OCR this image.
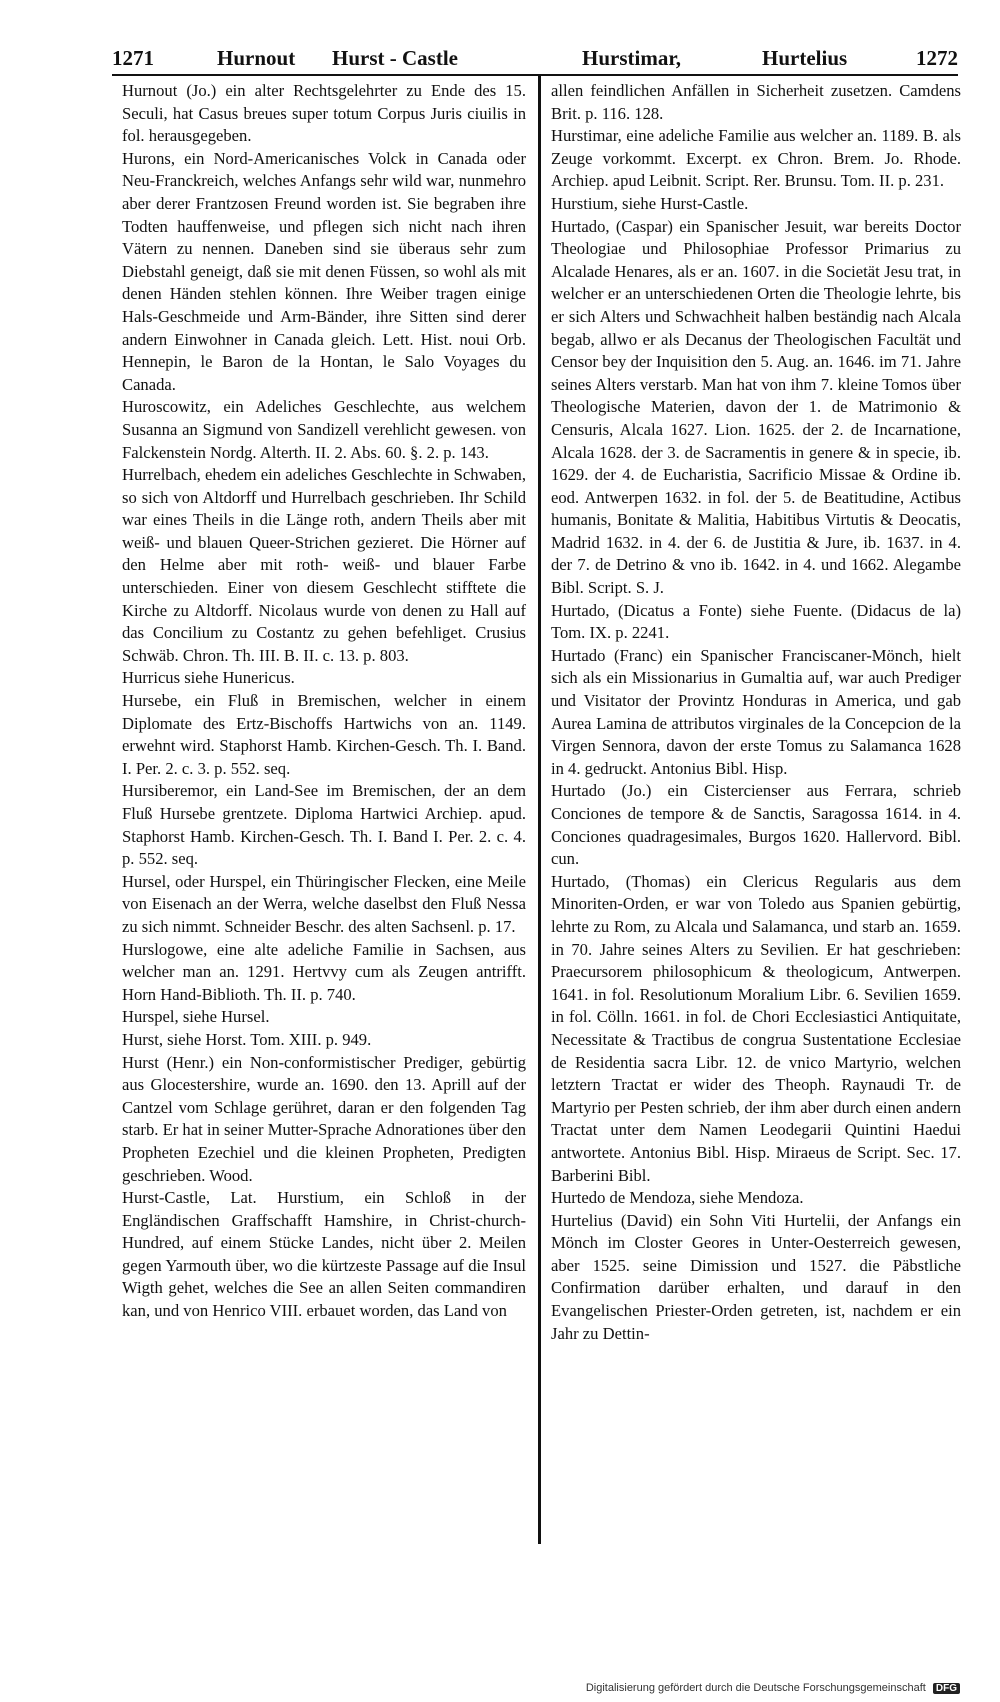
1271	Hurnout Hurst - Castle	Hurstimar,	Hurtelius	1272

Hurnout (Jo.) ein alter Rechtsgelehrter zu Ende des 15. Seculi, hat Casus breues super totum Corpus Juris ciuilis in fol. herausgegeben.

Hurons, ein Nord-Americanisches Volck in Canada oder Neu-Franckreich, welches Anfangs sehr wild war, nunmehro aber derer Frantzosen Freund worden ist. Sie begraben ihre Todten hauffenweise, und pflegen sich nicht nach ihren Vätern zu nennen. Daneben sind sie überaus sehr zum Diebstahl geneigt, daß sie mit denen Füssen, so wohl als mit denen Händen stehlen können. Ihre Weiber tragen einige Hals-Geschmeide und Arm-Bänder, ihre Sitten sind derer andern Einwohner in Canada gleich. Lett. Hist. noui Orb. Hennepin, le Baron de la Hontan, le Salo Voyages du Canada.

Huroscowitz, ein Adeliches Geschlechte, aus welchem Susanna an Sigmund von Sandizell verehlicht gewesen. von Falckenstein Nordg. Alterth. II. 2. Abs. 60. §. 2. p. 143.

Hurrelbach, ehedem ein adeliches Geschlechte in Schwaben, so sich von Altdorff und Hurrelbach geschrieben. Ihr Schild war eines Theils in die Länge roth, andern Theils aber mit weiß- und blauen Queer-Strichen gezieret. Die Hörner auf den Helme aber mit roth- weiß- und blauer Farbe unterschieden. Einer von diesem Geschlecht stifftete die Kirche zu Altdorff. Nicolaus wurde von denen zu Hall auf das Concilium zu Costantz zu gehen befehliget. Crusius Schwäb. Chron. Th. III. B. II. c. 13. p. 803.

Hurricus siehe Hunericus.

Hursebe, ein Fluß in Bremischen, welcher in einem Diplomate des Ertz-Bischoffs Hartwichs von an. 1149. erwehnt wird. Staphorst Hamb. Kirchen-Gesch. Th. I. Band. I. Per. 2. c. 3. p. 552. seq.

Hursiberemor, ein Land-See im Bremischen, der an dem Fluß Hursebe grentzete. Diploma Hartwici Archiep. apud. Staphorst Hamb. Kirchen-Gesch. Th. I. Band I. Per. 2. c. 4. p. 552. seq.

Hursel, oder Hurspel, ein Thüringischer Flecken, eine Meile von Eisenach an der Werra, welche daselbst den Fluß Nessa zu sich nimmt. Schneider Beschr. des alten Sachsenl. p. 17.

Hurslogowe, eine alte adeliche Familie in Sachsen, aus welcher man an. 1291. Hertvvy cum als Zeugen antrifft. Horn Hand-Biblioth. Th. II. p. 740.

Hurspel, siehe Hursel.

Hurst, siehe Horst. Tom. XIII. p. 949.

Hurst (Henr.) ein Non-conformistischer Prediger, gebürtig aus Glocestershire, wurde an. 1690. den 13. Aprill auf der Cantzel vom Schlage gerühret, daran er den folgenden Tag starb. Er hat in seiner Mutter-Sprache Adnorationes über den Propheten Ezechiel und die kleinen Propheten, Predigten geschrieben. Wood.

Hurst-Castle, Lat. Hurstium, ein Schloß in der Engländischen Graffschafft Hamshire, in Christ-church-Hundred, auf einem Stücke Landes, nicht über 2. Meilen gegen Yarmouth über, wo die kürtzeste Passage auf die Insul Wigth gehet, welches die See an allen Seiten commandiren kan, und von Henrico VIII. erbauet worden, das Land von

allen feindlichen Anfällen in Sicherheit zusetzen. Camdens Brit. p. 116. 128.

Hurstimar, eine adeliche Familie aus welcher an. 1189. B. als Zeuge vorkommt. Excerpt. ex Chron. Brem. Jo. Rhode. Archiep. apud Leibnit. Script. Rer. Brunsu. Tom. II. p. 231.

Hurstium, siehe Hurst-Castle.

Hurtado, (Caspar) ein Spanischer Jesuit, war bereits Doctor Theologiae und Philosophiae Professor Primarius zu Alcalade Henares, als er an. 1607. in die Societät Jesu trat, in welcher er an unterschiedenen Orten die Theologie lehrte, bis er sich Alters und Schwachheit halben beständig nach Alcala begab, allwo er als Decanus der Theologischen Facultät und Censor bey der Inquisition den 5. Aug. an. 1646. im 71. Jahre seines Alters verstarb. Man hat von ihm 7. kleine Tomos über Theologische Materien, davon der 1. de Matrimonio & Censuris, Alcala 1627. Lion. 1625. der 2. de Incarnatione, Alcala 1628. der 3. de Sacramentis in genere & in specie, ib. 1629. der 4. de Eucharistia, Sacrificio Missae & Ordine ib. eod. Antwerpen 1632. in fol. der 5. de Beatitudine, Actibus humanis, Bonitate & Malitia, Habitibus Virtutis & Deocatis, Madrid 1632. in 4. der 6. de Justitia & Jure, ib. 1637. in 4. der 7. de Detrino & vno ib. 1642. in 4. und 1662. Alegambe Bibl. Script. S. J.

Hurtado, (Dicatus a Fonte) siehe Fuente. (Didacus de la) Tom. IX. p. 2241.

Hurtado (Franc) ein Spanischer Franciscaner-Mönch, hielt sich als ein Missionarius in Gumaltia auf, war auch Prediger und Visitator der Provintz Honduras in America, und gab Aurea Lamina de attributos virginales de la Concepcion de la Virgen Sennora, davon der erste Tomus zu Salamanca 1628 in 4. gedruckt. Antonius Bibl. Hisp.

Hurtado (Jo.) ein Cistercienser aus Ferrara, schrieb Conciones de tempore & de Sanctis, Saragossa 1614. in 4. Conciones quadragesimales, Burgos 1620. Hallervord. Bibl. cun.

Hurtado, (Thomas) ein Clericus Regularis aus dem Minoriten-Orden, er war von Toledo aus Spanien gebürtig, lehrte zu Rom, zu Alcala und Salamanca, und starb an. 1659. in 70. Jahre seines Alters zu Sevilien. Er hat geschrieben: Praecursorem philosophicum & theologicum, Antwerpen. 1641. in fol. Resolutionum Moralium Libr. 6. Sevilien 1659. in fol. Cölln. 1661. in fol. de Chori Ecclesiastici Antiquitate, Necessitate & Tractibus de congrua Sustentatione Ecclesiae de Residentia sacra Libr. 12. de vnico Martyrio, welchen letztern Tractat er wider des Theoph. Raynaudi Tr. de Martyrio per Pesten schrieb, der ihm aber durch einen andern Tractat unter dem Namen Leodegarii Quintini Haedui antwortete. Antonius Bibl. Hisp. Miraeus de Script. Sec. 17. Barberini Bibl.

Hurtedo de Mendoza, siehe Mendoza.

Hurtelius (David) ein Sohn Viti Hurtelii, der Anfangs ein Mönch im Closter Geores in Unter-Oesterreich gewesen, aber 1525. seine Dimission und 1527. die Päbstliche Confirmation darüber erhalten, und darauf in den Evangelischen Priester-Orden getreten, ist, nachdem er ein Jahr zu Dettin-

Digitalisierung gefördert durch die Deutsche Forschungsgemeinschaft DFG
